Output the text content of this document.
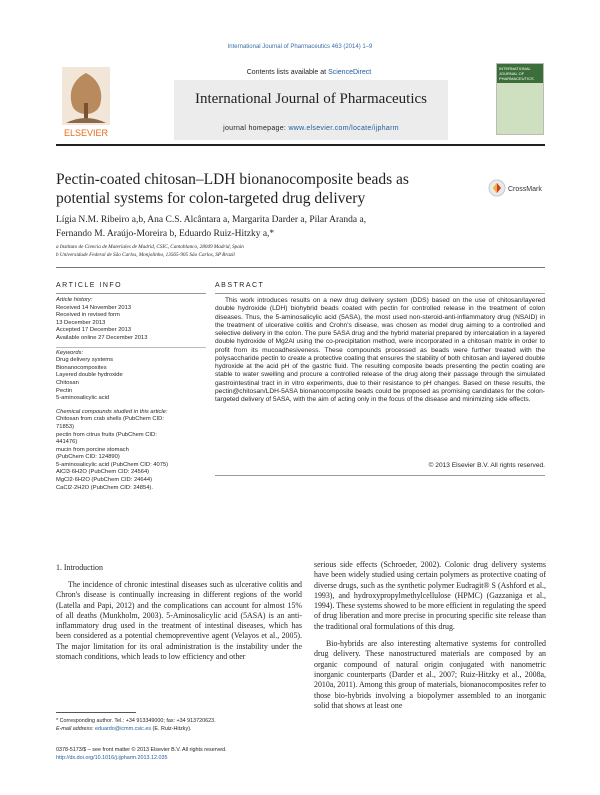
International Journal of Pharmaceutics 463 (2014) 1–9
ELSEVIER
Contents lists available at ScienceDirect
International Journal of Pharmaceutics
journal homepage: www.elsevier.com/locate/ijpharm
INTERNATIONAL JOURNAL OF PHARMACEUTICS
Pectin-coated chitosan–LDH bionanocomposite beads as potential systems for colon-targeted drug delivery
CrossMark
Lígia N.M. Ribeiro a,b, Ana C.S. Alcântara a, Margarita Darder a, Pilar Aranda a,
Fernando M. Araújo-Moreira b, Eduardo Ruiz-Hitzky a,*
a Instituto de Ciencia de Materiales de Madrid, CSIC, Cantoblanco, 28049 Madrid, Spain
b Universidade Federal de São Carlos, Monjolinho, 13565-905 São Carlos, SP Brazil
ARTICLE INFO	ABSTRACT
Article history:
Received 14 November 2013
Received in revised form
13 December 2013
Accepted 17 December 2013
Available online 27 December 2013
Keywords:
Drug delivery systems
Bionanocomposites
Layered double hydroxide
Chitosan
Pectin
5-aminosalicylic acid
Chemical compounds studied in this article:
Chitosan from crab shells (PubChem CID:
71853)
pectin from citrus fruits (PubChem CID:
441476)
mucin from porcine stomach
(PubChem CID: 124890)
5-aminosalicylic acid (PubChem CID: 4075)
AlCl3·6H2O (PubChem CID: 24564)
MgCl2·6H2O (PubChem CID: 24644)
CaCl2·2H2O (PubChem CID: 24854).
This work introduces results on a new drug delivery system (DDS) based on the use of chitosan/layered double hydroxide (LDH) biohybrid beads coated with pectin for controlled release in the treatment of colon diseases. Thus, the 5-aminosalicylic acid (5ASA), the most used non-steroid-anti-inflammatory drug (NSAID) in the treatment of ulcerative colitis and Crohn's disease, was chosen as model drug aiming to a controlled and selective delivery in the colon. The pure 5ASA drug and the hybrid material prepared by intercalation in a layered double hydroxide of Mg2Al using the co-precipitation method, were incorporated in a chitosan matrix in order to profit from its mucoadhesiveness. These compounds processed as beads were further treated with the polysaccharide pectin to create a protective coating that ensures the stability of both chitosan and layered double hydroxide at the acid pH of the gastric fluid. The resulting composite beads presenting the pectin coating are stable to water swelling and procure a controlled release of the drug along their passage through the simulated gastrointestinal tract in in vitro experiments, due to their resistance to pH changes. Based on these results, the pectin@chitosan/LDH-5ASA bionanocomposite beads could be proposed as promising candidates for the colon-targeted delivery of 5ASA, with the aim of acting only in the focus of the disease and minimizing side effects.
© 2013 Elsevier B.V. All rights reserved.
1. Introduction

The incidence of chronic intestinal diseases such as ulcerative colitis and Chron's disease is continually increasing in different regions of the world (Latella and Papi, 2012) and the complications can account for almost 15% of all deaths (Munkholm, 2003). 5-Aminosalicylic acid (5ASA) is an anti-inflammatory drug used in the treatment of intestinal diseases, which has been considered as a potential chemopreventive agent (Velayos et al., 2005). The major limitation for its oral administration is the instability under the stomach conditions, which leads to low efficiency and other

serious side effects (Schroeder, 2002). Colonic drug delivery systems have been widely studied using certain polymers as protective coating of diverse drugs, such as the synthetic polymer Eudragit® S (Ashford et al., 1993), and hydroxypropylmethylcellulose (HPMC) (Gazzaniga et al., 1994). These systems showed to be more efficient in regulating the speed of drug liberation and more precise in procuring specific site release than the traditional oral formulations of this drug.

Bio-hybrids are also interesting alternative systems for controlled drug delivery. These nanostructured materials are composed by an organic compound of natural origin conjugated with nanometric inorganic counterparts (Darder et al., 2007; Ruiz-Hitzky et al., 2008a, 2010a, 2011). Among this group of materials, bionanocomposites refer to those bio-hybrids involving a biopolymer assembled to an inorganic solid that shows at least one

* Corresponding author. Tel.: +34 913349000; fax: +34 913720623.
E-mail address: eduardo@icmm.csic.es (E. Ruiz-Hitzky).
0378-5173/$ – see front matter © 2013 Elsevier B.V. All rights reserved.
http://dx.doi.org/10.1016/j.ijpharm.2013.12.035
